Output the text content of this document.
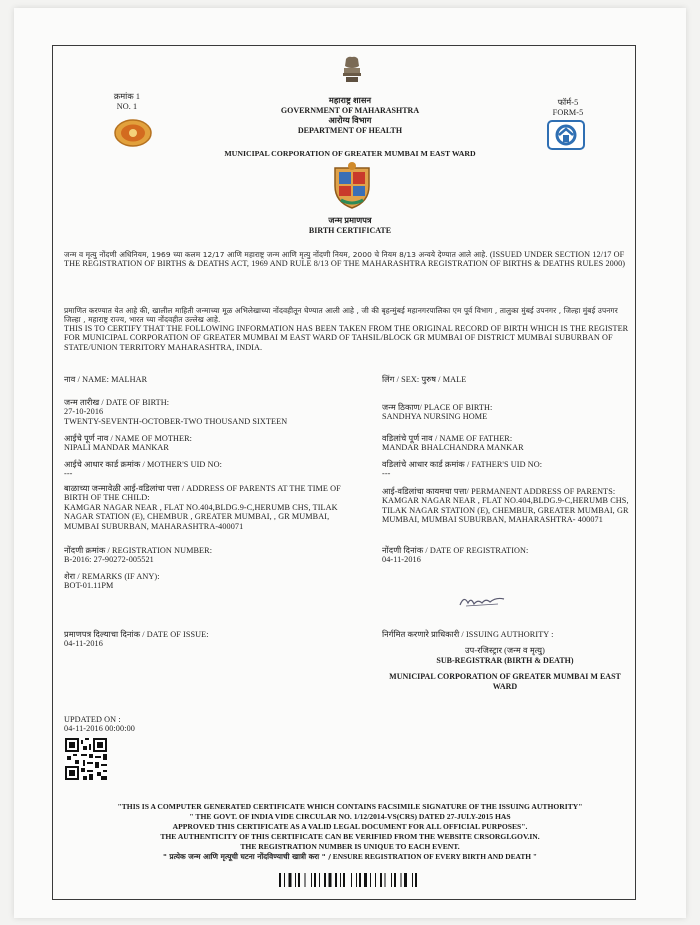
क्रमांक 1
NO. 1
महाराष्ट्र शासन
GOVERNMENT OF MAHARASHTRA
आरोग्य विभाग
DEPARTMENT OF HEALTH
MUNICIPAL CORPORATION OF GREATER MUMBAI M EAST WARD
फॉर्म-5
FORM-5
जन्म प्रमाणपत्र
BIRTH CERTIFICATE
जन्म व मृत्यु नोंदणी अधिनियम, 1969 च्या कलम 12/17 आणि महाराष्ट्र जन्म आणि मृत्यु नोंदणी नियम, 2000 चे नियम 8/13 अन्वये देण्यात आले आहे. (ISSUED UNDER SECTION 12/17 OF THE REGISTRATION OF BIRTHS & DEATHS ACT, 1969 AND RULE 8/13 OF THE MAHARASHTRA REGISTRATION OF BIRTHS & DEATHS RULES 2000)
प्रमाणित करण्यात येत आहे की, खालील माहिती जन्माच्या मूळ अभिलेखाच्या नोंदवहीतून घेण्यात आली आहे , जी की बृहन्मुंबई महानगरपालिका एम पूर्व विभाग , तालुका मुंबई उपनगर , जिल्हा मुंबई उपनगर जिल्हा , महाराष्ट्र राज्य, भारत च्या नोंदवहीत उल्लेख आहे.
THIS IS TO CERTIFY THAT THE FOLLOWING INFORMATION HAS BEEN TAKEN FROM THE ORIGINAL RECORD OF BIRTH WHICH IS THE REGISTER FOR MUNICIPAL CORPORATION OF GREATER MUMBAI M EAST WARD OF TAHSIL/BLOCK GR MUMBAI OF DISTRICT MUMBAI SUBURBAN OF STATE/UNION TERRITORY MAHARASHTRA, INDIA.
नाव / NAME: MALHAR
जन्म तारीख / DATE OF BIRTH:
27-10-2016
TWENTY-SEVENTH-OCTOBER-TWO THOUSAND SIXTEEN
आईचे पूर्ण नाव / NAME OF MOTHER:
NIPALI MANDAR MANKAR
आईचे आधार कार्ड क्रमांक / MOTHER'S UID NO:
---
बाळाच्या जन्मावेळी आई-वडिलांचा पत्ता / ADDRESS OF PARENTS AT THE TIME OF BIRTH OF THE CHILD:
KAMGAR NAGAR NEAR , FLAT NO.404,BLDG.9-C,HERUMB CHS, TILAK NAGAR STATION (E), CHEMBUR , GREATER MUMBAI, , GR MUMBAI, MUMBAI SUBURBAN, MAHARASHTRA-400071
नोंदणी क्रमांक / REGISTRATION NUMBER:
B-2016: 27-90272-005521
शेरा / REMARKS (IF ANY):
BOT-01.11PM
लिंग / SEX: पुरुष / MALE
जन्म ठिकाण/ PLACE OF BIRTH:
SANDHYA NURSING HOME
वडिलांचे पूर्ण नाव / NAME OF FATHER:
MANDAR BHALCHANDRA MANKAR
वडिलांचे आधार कार्ड क्रमांक / FATHER'S UID NO:
---
आई-वडिलांचा कायमचा पत्ता/ PERMANENT ADDRESS OF PARENTS:
KAMGAR NAGAR NEAR , FLAT NO.404,BLDG.9-C,HERUMB CHS, TILAK NAGAR STATION (E), CHEMBUR, GREATER MUMBAI, GR MUMBAI, MUMBAI SUBURBAN, MAHARASHTRA- 400071
नोंदणी दिनांक / DATE OF REGISTRATION:
04-11-2016
प्रमाणपत्र दिल्याचा दिनांक / DATE OF ISSUE:
04-11-2016
निर्गमित करणारे प्राधिकारी / ISSUING AUTHORITY :
उप-रजिस्ट्रार (जन्म व मृत्यु)
SUB-REGISTRAR (BIRTH & DEATH)
MUNICIPAL CORPORATION OF GREATER MUMBAI M EAST WARD
UPDATED ON :
04-11-2016 00:00:00
"THIS IS A COMPUTER GENERATED CERTIFICATE WHICH CONTAINS FACSIMILE SIGNATURE OF THE ISSUING AUTHORITY"
" THE GOVT. OF INDIA VIDE CIRCULAR NO. 1/12/2014-VS(CRS) DATED 27-JULY-2015 HAS
APPROVED THIS CERTIFICATE AS A VALID LEGAL DOCUMENT FOR ALL OFFICIAL PURPOSES".
THE AUTHENTICITY OF THIS CERTIFICATE CAN BE VERIFIED FROM THE WEBSITE CRSORGI.GOV.IN.
THE REGISTRATION NUMBER IS UNIQUE TO EACH EVENT.
" प्रत्येक जन्म आणि मृत्यूची घटना नोंदविण्याची खात्री करा " / ENSURE REGISTRATION OF EVERY BIRTH AND DEATH "
